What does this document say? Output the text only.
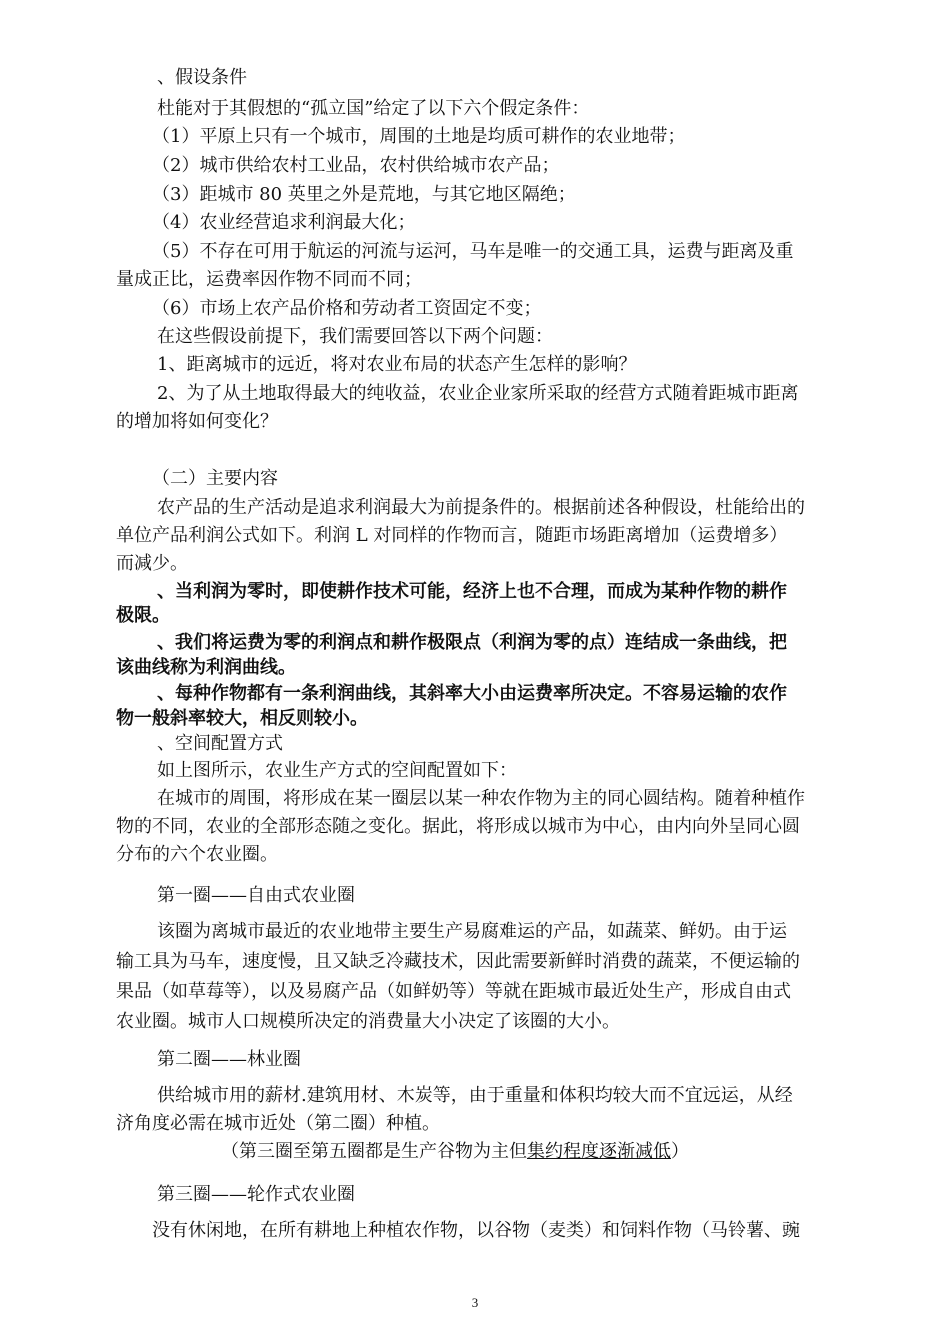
、假设条件
杜能对于其假想的“孤立国”给定了以下六个假定条件：
（1）平原上只有一个城市，周围的土地是均质可耕作的农业地带；
（2）城市供给农村工业品，农村供给城市农产品；
（3）距城市 80 英里之外是荒地，与其它地区隔绝；
（4）农业经营追求利润最大化；
（5）不存在可用于航运的河流与运河，马车是唯一的交通工具，运费与距离及重
量成正比，运费率因作物不同而不同；
（6）市场上农产品价格和劳动者工资固定不变；
在这些假设前提下，我们需要回答以下两个问题：
1、距离城市的远近，将对农业布局的状态产生怎样的影响？
2、为了从土地取得最大的纯收益，农业企业家所采取的经营方式随着距城市距离
的增加将如何变化？
（二）主要内容
农产品的生产活动是追求利润最大为前提条件的。根据前述各种假设，杜能给出的
单位产品利润公式如下。利润 L 对同样的作物而言，随距市场距离增加（运费增多）
而减少。
、当利润为零时，即使耕作技术可能，经济上也不合理，而成为某种作物的耕作
极限。
、我们将运费为零的利润点和耕作极限点（利润为零的点）连结成一条曲线，把
该曲线称为利润曲线。
、每种作物都有一条利润曲线，其斜率大小由运费率所决定。不容易运输的农作
物一般斜率较大，相反则较小。
、空间配置方式
如上图所示，农业生产方式的空间配置如下：
在城市的周围，将形成在某一圈层以某一种农作物为主的同心圆结构。随着种植作
物的不同，农业的全部形态随之变化。据此，将形成以城市为中心，由内向外呈同心圆
分布的六个农业圈。
第一圈——自由式农业圈
该圈为离城市最近的农业地带主要生产易腐难运的产品，如蔬菜、鲜奶。由于运
输工具为马车，速度慢，且又缺乏冷藏技术，因此需要新鲜时消费的蔬菜，不便运输的
果品（如草莓等），以及易腐产品（如鲜奶等）等就在距城市最近处生产，形成自由式
农业圈。城市人口规模所决定的消费量大小决定了该圈的大小。
第二圈——林业圈
供给城市用的薪材.建筑用材、木炭等，由于重量和体积均较大而不宜远运，从经
济角度必需在城市近处（第二圈）种植。
（第三圈至第五圈都是生产谷物为主但集约程度逐渐减低）
第三圈——轮作式农业圈
没有休闲地，在所有耕地上种植农作物，以谷物（麦类）和饲料作物（马铃薯、豌
3
